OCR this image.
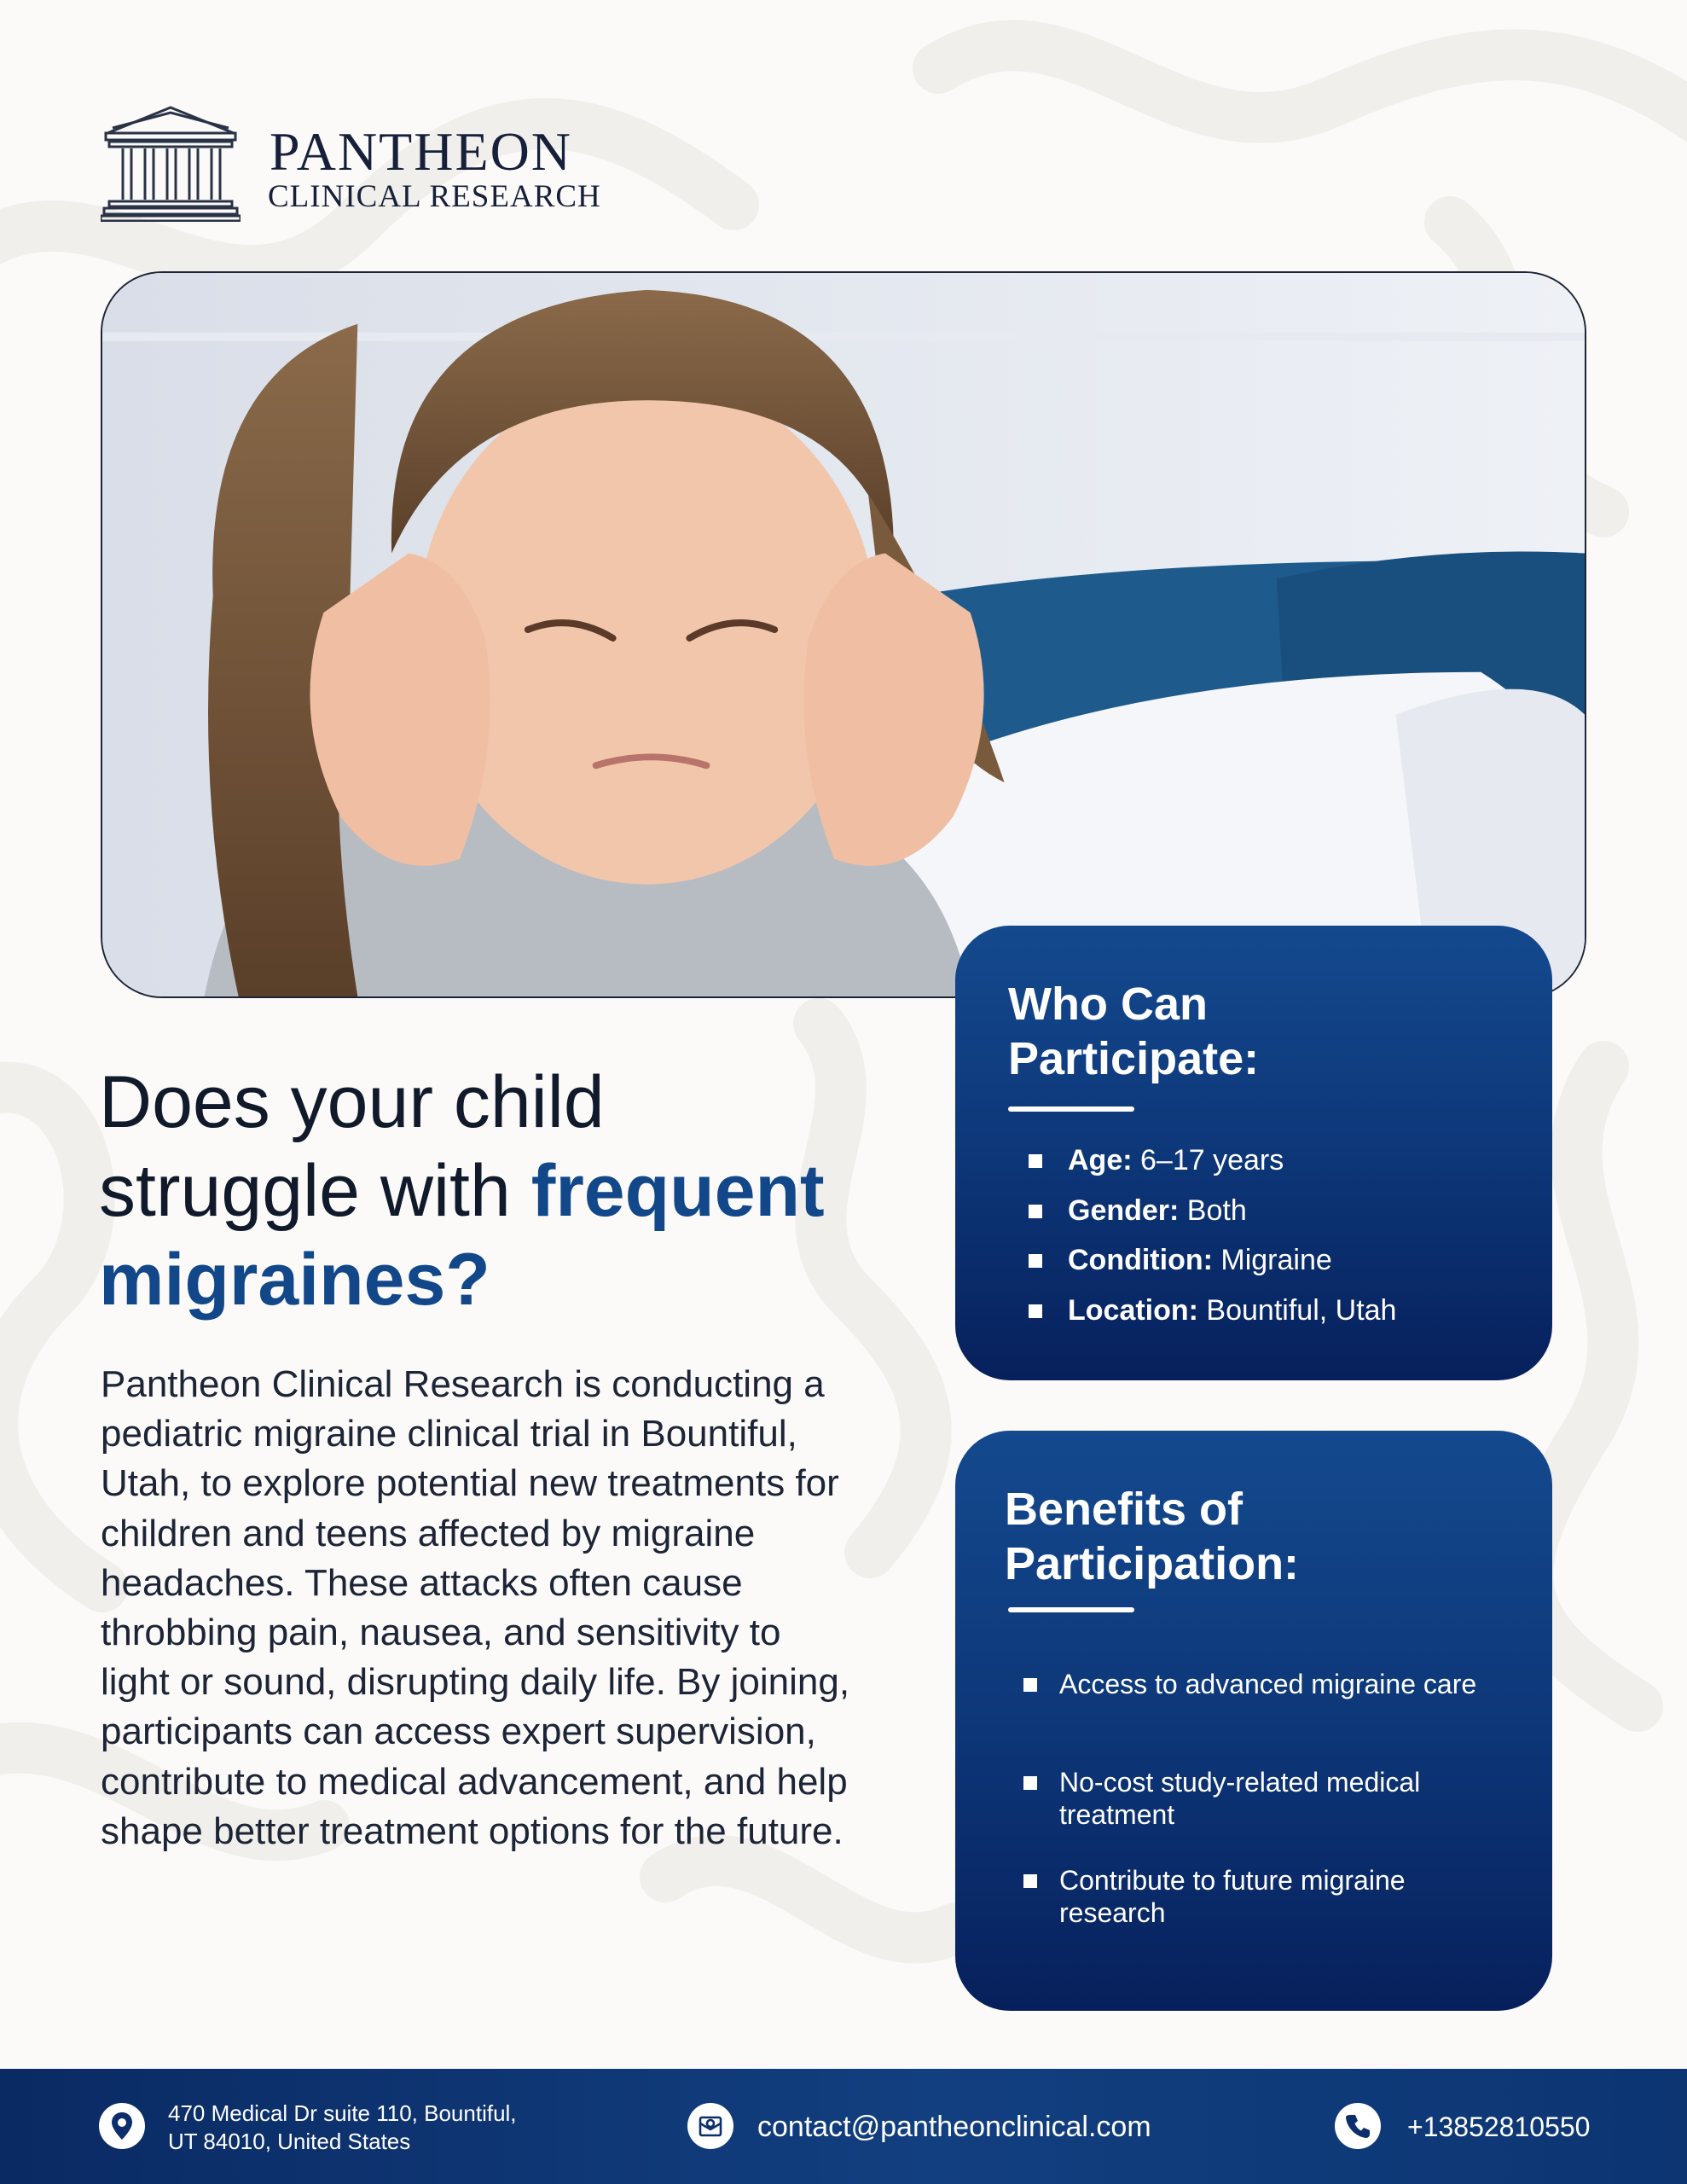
PANTHEON
CLINICAL RESEARCH
Does your child
struggle with frequent
migraines?

Pantheon Clinical Research is conducting a pediatric migraine clinical trial in Bountiful, Utah, to explore potential new treatments for children and teens affected by migraine headaches. These attacks often cause throbbing pain, nausea, and sensitivity to light or sound, disrupting daily life. By joining, participants can access expert supervision, contribute to medical advancement, and help shape better treatment options for the future.

Who Can
Participate:
Age: 6–17 years
Gender: Both
Condition: Migraine
Location: Bountiful, Utah
Benefits of
Participation:
Access to advanced migraine care
No-cost study-related medical treatment
Contribute to future migraine research
470 Medical Dr suite 110, Bountiful,
UT 84010, United States	contact@pantheonclinical.com	+13852810550
